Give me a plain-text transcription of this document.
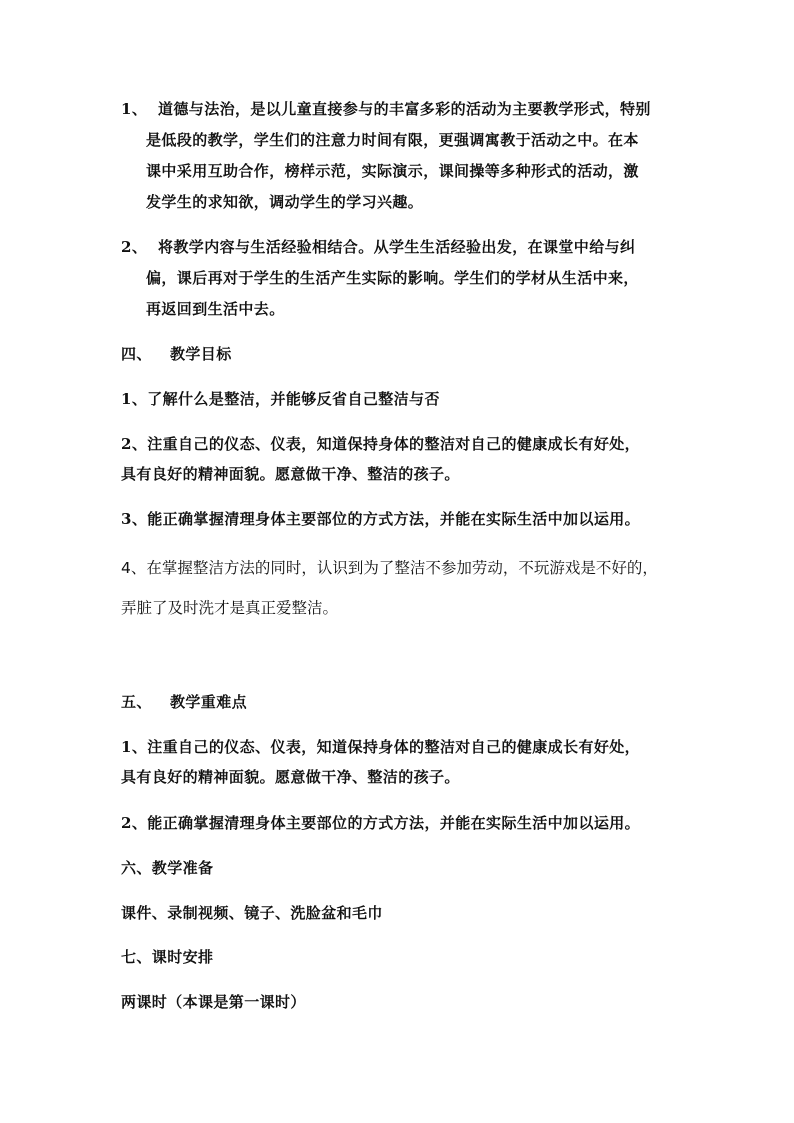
1、 道德与法治，是以儿童直接参与的丰富多彩的活动为主要教学形式，特别
是低段的教学，学生们的注意力时间有限，更强调寓教于活动之中。在本
课中采用互助合作，榜样示范，实际演示，课间操等多种形式的活动，激
发学生的求知欲，调动学生的学习兴趣。
2、 将教学内容与生活经验相结合。从学生生活经验出发，在课堂中给与纠
偏，课后再对于学生的生活产生实际的影响。学生们的学材从生活中来，
再返回到生活中去。
四、 教学目标
1、了解什么是整洁，并能够反省自己整洁与否
2、注重自己的仪态、仪表，知道保持身体的整洁对自己的健康成长有好处，
具有良好的精神面貌。愿意做干净、整洁的孩子。
3、能正确掌握清理身体主要部位的方式方法，并能在实际生活中加以运用。
4、在掌握整洁方法的同时，认识到为了整洁不参加劳动，不玩游戏是不好的，
弄脏了及时洗才是真正爱整洁。
五、 教学重难点
1、注重自己的仪态、仪表，知道保持身体的整洁对自己的健康成长有好处，
具有良好的精神面貌。愿意做干净、整洁的孩子。
2、能正确掌握清理身体主要部位的方式方法，并能在实际生活中加以运用。
六、教学准备
课件、录制视频、镜子、洗脸盆和毛巾
七、课时安排
两课时（本课是第一课时）
